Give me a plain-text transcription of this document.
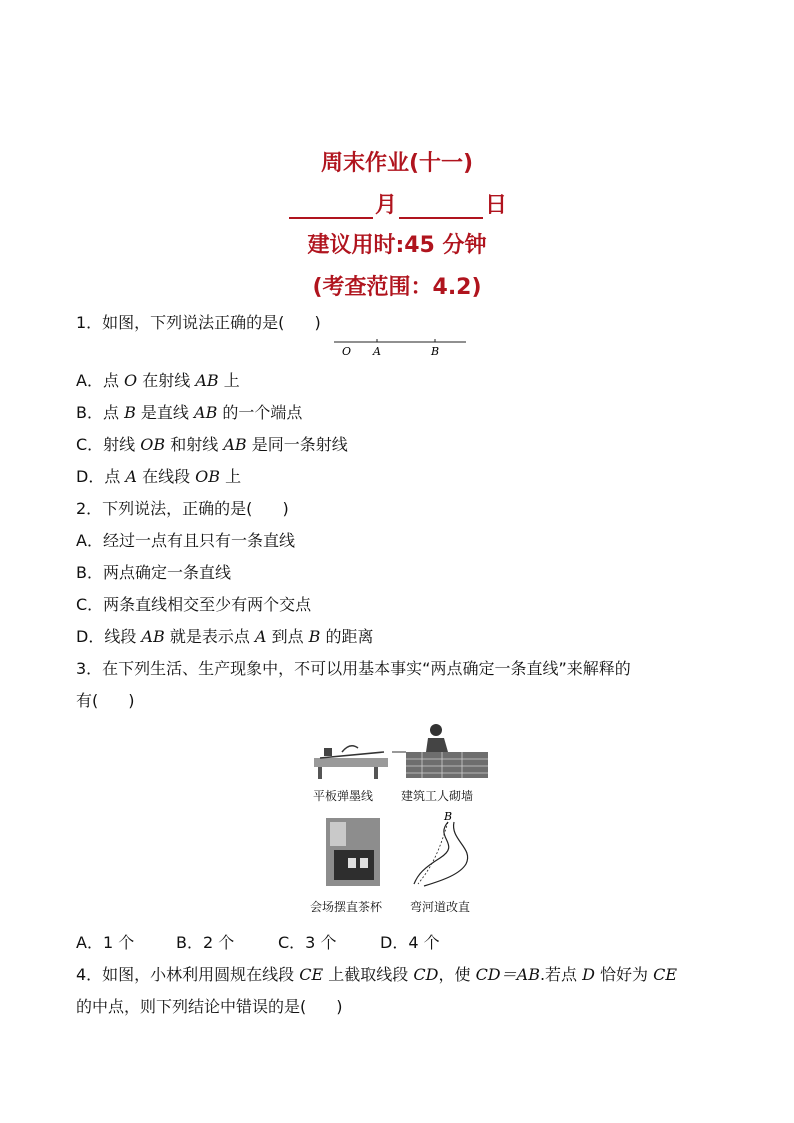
周末作业(十一)
月	日
建议用时:45 分钟
(考查范围：4.2)
1．如图，下列说法正确的是( )
O A	B
A．点 O 在射线 AB 上
B．点 B 是直线 AB 的一个端点
C．射线 OB 和射线 AB 是同一条射线
D．点 A 在线段 OB 上
2．下列说法，正确的是( )
A．经过一点有且只有一条直线
B．两点确定一条直线
C．两条直线相交至少有两个交点
D．线段 AB 就是表示点 A 到点 B 的距离
3．在下列生活、生产现象中，不可以用基本事实“两点确定一条直线”来解释的
有( )
平板弹墨线 建筑工人砌墙
会场摆直茶杯
B
弯河道改直
A．1 个	B．2 个	C．3 个	D．4 个
4．如图，小林利用圆规在线段 CE 上截取线段 CD，使 CD＝AB.若点 D 恰好为 CE
的中点，则下列结论中错误的是( )
